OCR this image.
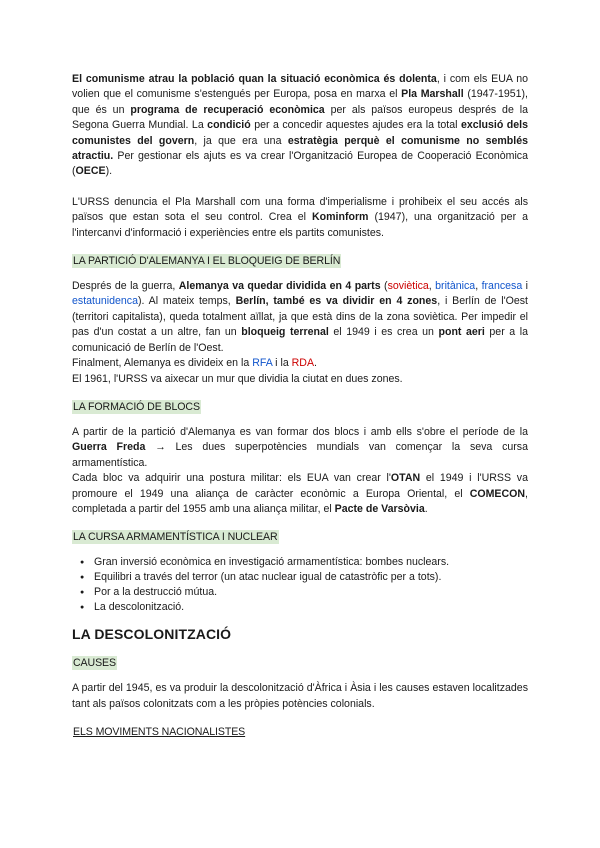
El comunisme atrau la població quan la situació econòmica és dolenta, i com els EUA no volien que el comunisme s'estengués per Europa, posa en marxa el Pla Marshall (1947-1951), que és un programa de recuperació econòmica per als països europeus després de la Segona Guerra Mundial. La condició per a concedir aquestes ajudes era la total exclusió dels comunistes del govern, ja que era una estratègia perquè el comunisme no semblés atractiu. Per gestionar els ajuts es va crear l'Organització Europea de Cooperació Econòmica (OECE).

L'URSS denuncia el Pla Marshall com una forma d'imperialisme i prohibeix el seu accés als països que estan sota el seu control. Crea el Kominform (1947), una organització per a l'intercanvi d'informació i experiències entre els partits comunistes.

LA PARTICIÓ D'ALEMANYA I EL BLOQUEIG DE BERLÍN

Després de la guerra, Alemanya va quedar dividida en 4 parts (soviètica, britànica, francesa i estatunidenca). Al mateix temps, Berlín, també es va dividir en 4 zones, i Berlín de l'Oest (territori capitalista), queda totalment aïllat, ja que està dins de la zona soviètica. Per impedir el pas d'un costat a un altre, fan un bloqueig terrenal el 1949 i es crea un pont aeri per a la comunicació de Berlín de l'Oest.

Finalment, Alemanya es divideix en la RFA i la RDA.

El 1961, l'URSS va aixecar un mur que dividia la ciutat en dues zones.

LA FORMACIÓ DE BLOCS

A partir de la partició d'Alemanya es van formar dos blocs i amb ells s'obre el període de la Guerra Freda → Les dues superpotències mundials van començar la seva cursa armamentística.

Cada bloc va adquirir una postura militar: els EUA van crear l'OTAN el 1949 i l'URSS va promoure el 1949 una aliança de caràcter econòmic a Europa Oriental, el COMECON, completada a partir del 1955 amb una aliança militar, el Pacte de Varsòvia.

LA CURSA ARMAMENTÍSTICA I NUCLEAR
● Gran inversió econòmica en investigació armamentística: bombes nuclears.
● Equilibri a través del terror (un atac nuclear igual de catastròfic per a tots).
● Por a la destrucció mútua.
● La descolonització.
LA DESCOLONITZACIÓ
CAUSES

A partir del 1945, es va produir la descolonització d'Àfrica i Àsia i les causes estaven localitzades tant als països colonitzats com a les pròpies potències colonials.

ELS MOVIMENTS NACIONALISTES
